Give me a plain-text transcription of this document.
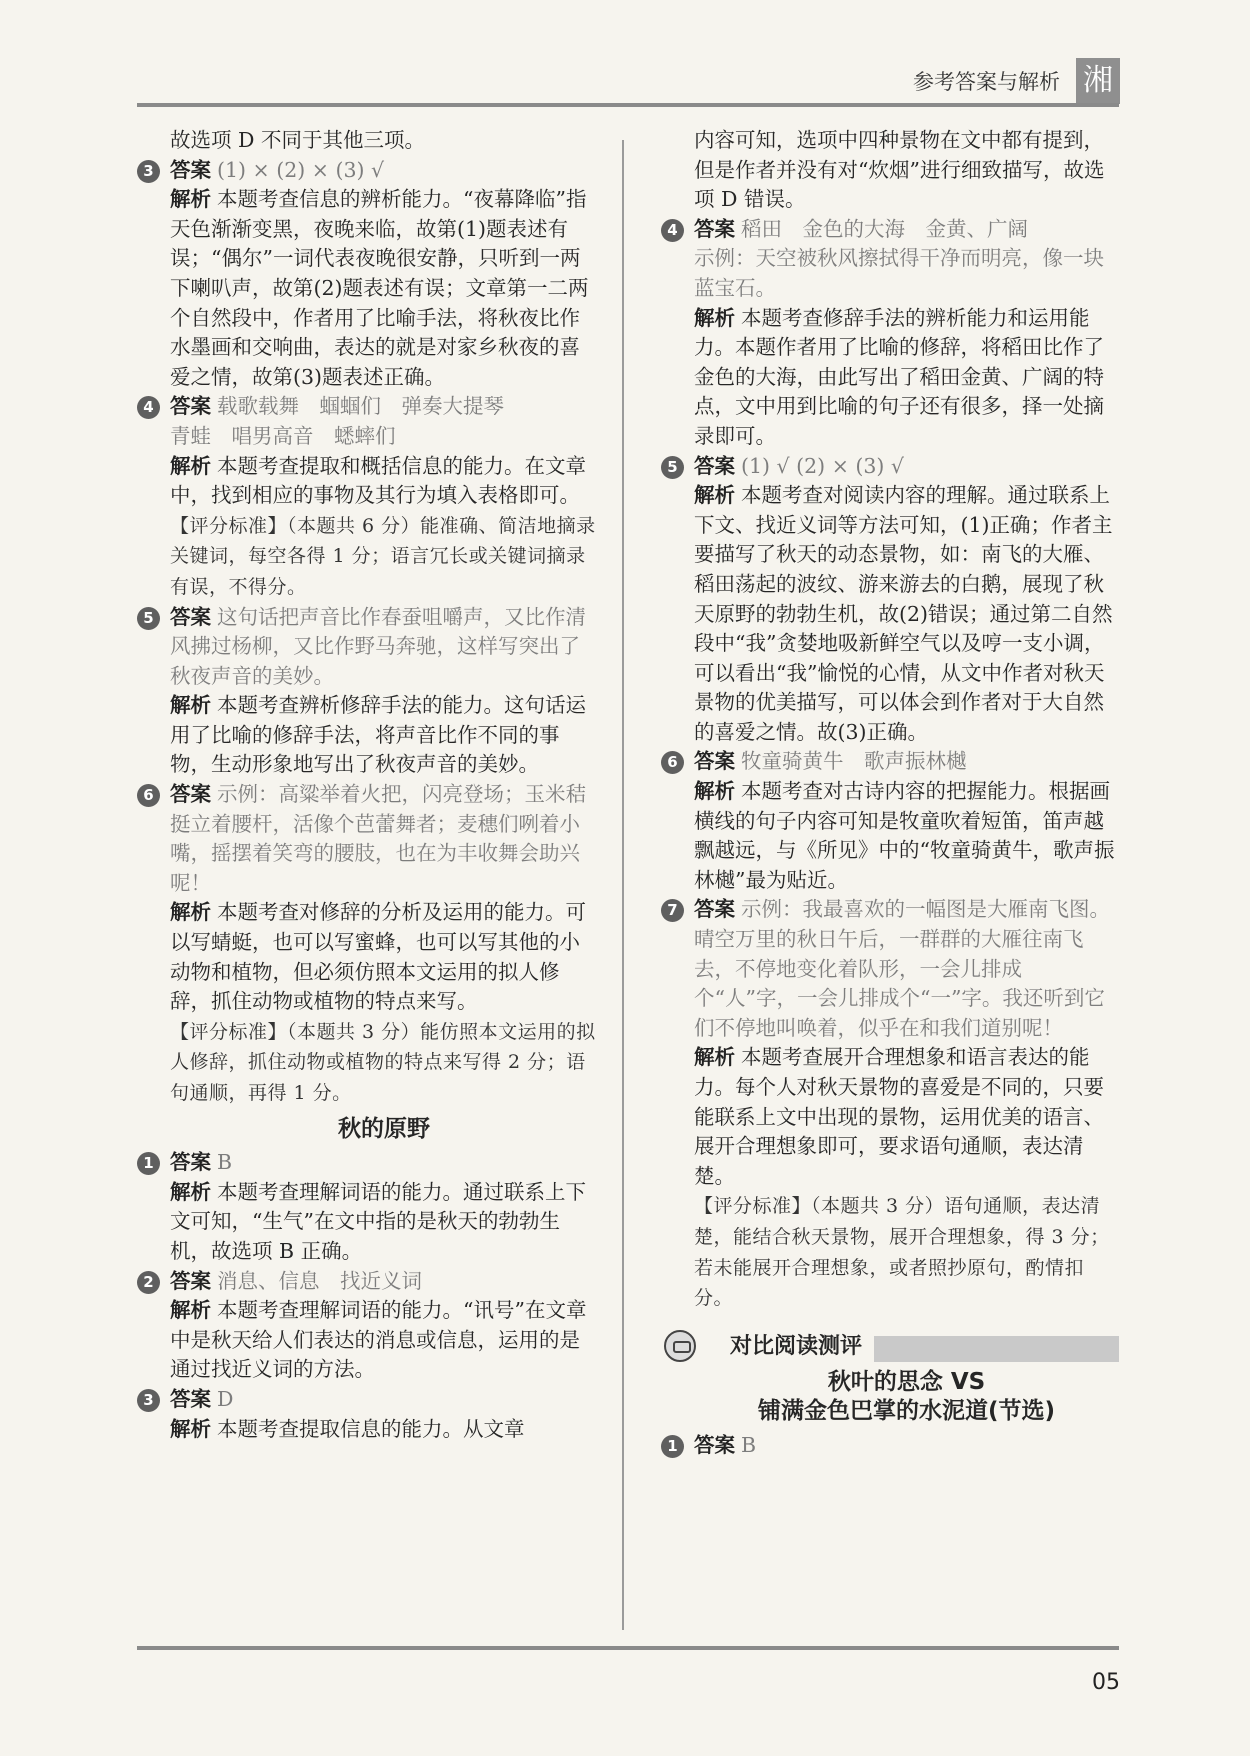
参考答案与解析 湘

故选项 D 不同于其他三项。

3 答案 (1) × (2) × (3) √
解析 本题考查信息的辨析能力。“夜幕降临”指天色渐渐变黑，夜晚来临，故第(1)题表述有误；“偶尔”一词代表夜晚很安静，只听到一两下喇叭声，故第(2)题表述有误；文章第一二两个自然段中，作者用了比喻手法，将秋夜比作水墨画和交响曲，表达的就是对家乡秋夜的喜爱之情，故第(3)题表述正确。
4 答案 载歌载舞　蝈蝈们　弹奏大提琴
青蛙　唱男高音　蟋蟀们
解析 本题考查提取和概括信息的能力。在文章中，找到相应的事物及其行为填入表格即可。
【评分标准】（本题共 6 分）能准确、简洁地摘录关键词，每空各得 1 分；语言冗长或关键词摘录有误，不得分。
5 答案 这句话把声音比作春蚕咀嚼声，又比作清风拂过杨柳，又比作野马奔驰，这样写突出了秋夜声音的美妙。
解析 本题考查辨析修辞手法的能力。这句话运用了比喻的修辞手法，将声音比作不同的事物，生动形象地写出了秋夜声音的美妙。
6 答案 示例：高粱举着火把，闪亮登场；玉米秸挺立着腰杆，活像个芭蕾舞者；麦穗们咧着小嘴，摇摆着笑弯的腰肢，也在为丰收舞会助兴呢！
解析 本题考查对修辞的分析及运用的能力。可以写蜻蜓，也可以写蜜蜂，也可以写其他的小动物和植物，但必须仿照本文运用的拟人修辞，抓住动物或植物的特点来写。
【评分标准】（本题共 3 分）能仿照本文运用的拟人修辞，抓住动物或植物的特点来写得 2 分；语句通顺，再得 1 分。
秋的原野
1 答案 B
解析 本题考查理解词语的能力。通过联系上下文可知，“生气”在文中指的是秋天的勃勃生机，故选项 B 正确。
2 答案 消息、信息　找近义词
解析 本题考查理解词语的能力。“讯号”在文章中是秋天给人们表达的消息或信息，运用的是通过找近义词的方法。
3 答案 D
解析 本题考查提取信息的能力。从文章

内容可知，选项中四种景物在文中都有提到，但是作者并没有对“炊烟”进行细致描写，故选项 D 错误。

4 答案 稻田　金色的大海　金黄、广阔
示例：天空被秋风擦拭得干净而明亮，像一块蓝宝石。
解析 本题考查修辞手法的辨析能力和运用能力。本题作者用了比喻的修辞，将稻田比作了金色的大海，由此写出了稻田金黄、广阔的特点，文中用到比喻的句子还有很多，择一处摘录即可。
5 答案 (1) √ (2) × (3) √
解析 本题考查对阅读内容的理解。通过联系上下文、找近义词等方法可知，(1)正确；作者主要描写了秋天的动态景物，如：南飞的大雁、稻田荡起的波纹、游来游去的白鹅，展现了秋天原野的勃勃生机，故(2)错误；通过第二自然段中“我”贪婪地吸新鲜空气以及哼一支小调，可以看出“我”愉悦的心情，从文中作者对秋天景物的优美描写，可以体会到作者对于大自然的喜爱之情。故(3)正确。
6 答案 牧童骑黄牛　歌声振林樾
解析 本题考查对古诗内容的把握能力。根据画横线的句子内容可知是牧童吹着短笛，笛声越飘越远，与《所见》中的“牧童骑黄牛，歌声振林樾”最为贴近。
7 答案 示例：我最喜欢的一幅图是大雁南飞图。晴空万里的秋日午后，一群群的大雁往南飞去，不停地变化着队形，一会儿排成个“人”字，一会儿排成个“一”字。我还听到它们不停地叫唤着，似乎在和我们道别呢！
解析 本题考查展开合理想象和语言表达的能力。每个人对秋天景物的喜爱是不同的，只要能联系上文中出现的景物，运用优美的语言、展开合理想象即可，要求语句通顺，表达清楚。
【评分标准】（本题共 3 分）语句通顺，表达清楚，能结合秋天景物，展开合理想象，得 3 分；若未能展开合理想象，或者照抄原句，酌情扣分。
对比阅读测评
秋叶的思念 VS
铺满金色巴掌的水泥道(节选)
1 答案 B
05
